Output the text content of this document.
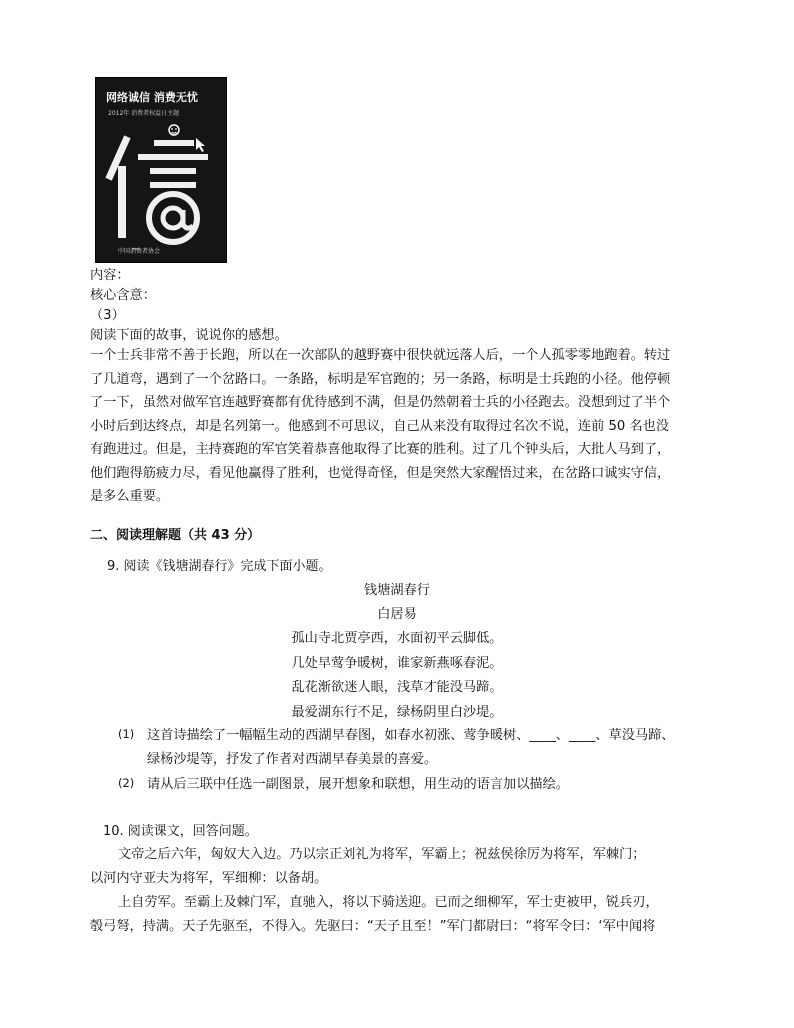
网络诚信 消费无忧
2012年 消费者权益日主题
中国消费者协会
内容：
核心含意：
（3）
阅读下面的故事，说说你的感想。
一个士兵非常不善于长跑，所以在一次部队的越野赛中很快就远落人后，一个人孤零零地跑着。转过
了几道弯，遇到了一个岔路口。一条路，标明是军官跑的；另一条路，标明是士兵跑的小径。他停顿
了一下，虽然对做军官连越野赛都有优待感到不满，但是仍然朝着士兵的小径跑去。没想到过了半个
小时后到达终点，却是名列第一。他感到不可思议，自己从来没有取得过名次不说，连前 50 名也没
有跑进过。但是，主持赛跑的军官笑着恭喜他取得了比赛的胜利。过了几个钟头后，大批人马到了，
他们跑得筋疲力尽，看见他赢得了胜利，也觉得奇怪，但是突然大家醒悟过来，在岔路口诚实守信，
是多么重要。
二、阅读理解题（共 43 分）
9. 阅读《钱塘湖春行》完成下面小题。
钱塘湖春行
白居易
孤山寺北贾亭西，水面初平云脚低。
几处早莺争暖树，谁家新燕啄春泥。
乱花渐欲迷人眼，浅草才能没马蹄。
最爱湖东行不足，绿杨阴里白沙堤。
(1) 这首诗描绘了一幅幅生动的西湖早春图，如春水初涨、莺争暖树、____、____、草没马蹄、
绿杨沙堤等，抒发了作者对西湖早春美景的喜爱。
(2) 请从后三联中任选一副图景，展开想象和联想，用生动的语言加以描绘。
10. 阅读课文，回答问题。
文帝之后六年，匈奴大入边。乃以宗正刘礼为将军，军霸上；祝兹侯徐厉为将军，军棘门；
以河内守亚夫为将军，军细柳：以备胡。
上自劳军。至霸上及棘门军，直驰入，将以下骑送迎。已而之细柳军，军士吏被甲，锐兵刃，
彀弓弩，持满。天子先驱至，不得入。先驱曰：“天子且至！”军门都尉曰：“将军令曰：‘军中闻将
